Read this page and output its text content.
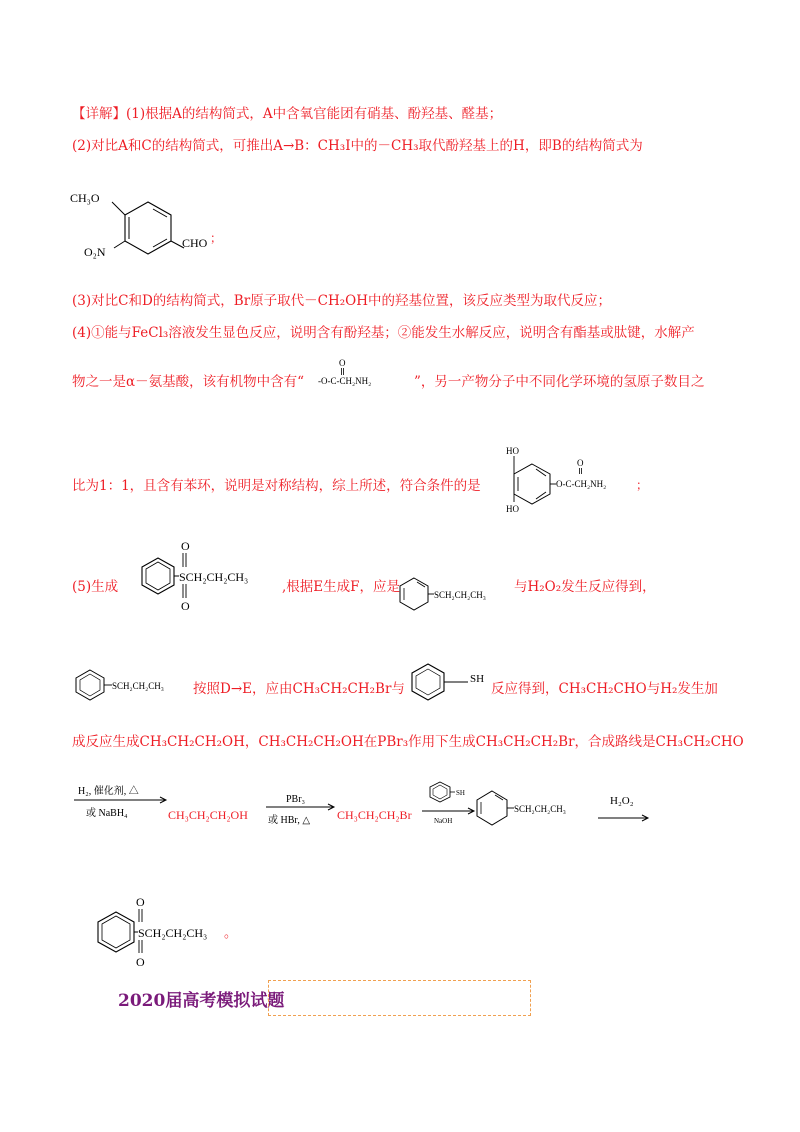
【详解】(1)根据A的结构简式，A中含氧官能团有硝基、酚羟基、醛基；
(2)对比A和C的结构简式，可推出A→B：CH₃I中的－CH₃取代酚羟基上的H，即B的结构简式为
CH₃O
O₂N
CHO ；
(3)对比C和D的结构简式，Br原子取代－CH₂OH中的羟基位置，该反应类型为取代反应；
(4)①能与FeCl₃溶液发生显色反应，说明含有酚羟基；②能发生水解反应，说明含有酯基或肽键，水解产
物之一是α－氨基酸，该有机物中含有“	”，另一产物分子中不同化学环境的氢原子数目之
O
-O-C-CH₂NH₂
比为1：1，且含有苯环，说明是对称结构，综上所述，符合条件的是
HO
HO
O
O-C-CH₂NH₂ ；
(5)生成	,根据E生成F，应是	与H₂O₂发生反应得到，
O
SCH₂CH₂CH₃
O
SCH₂CH₂CH₃
SCH₂CH₂CH₃ 按照D→E，应由CH₃CH₂CH₂Br与
SH
反应得到，CH₃CH₂CHO与H₂发生加
成反应生成CH₃CH₂CH₂OH，CH₃CH₂CH₂OH在PBr₃作用下生成CH₃CH₂CH₂Br，合成路线是CH₃CH₂CHO
H₂, 催化剂, △
或 NaBH₄	CH₃CH₂CH₂OH
PBr₃
或 HBr, △ CH₃CH₂CH₂Br
SH
NaOH
SCH₂CH₂CH₃
H₂O₂
O
SCH₂CH₂CH₃
O
。
2020届高考模拟试题
